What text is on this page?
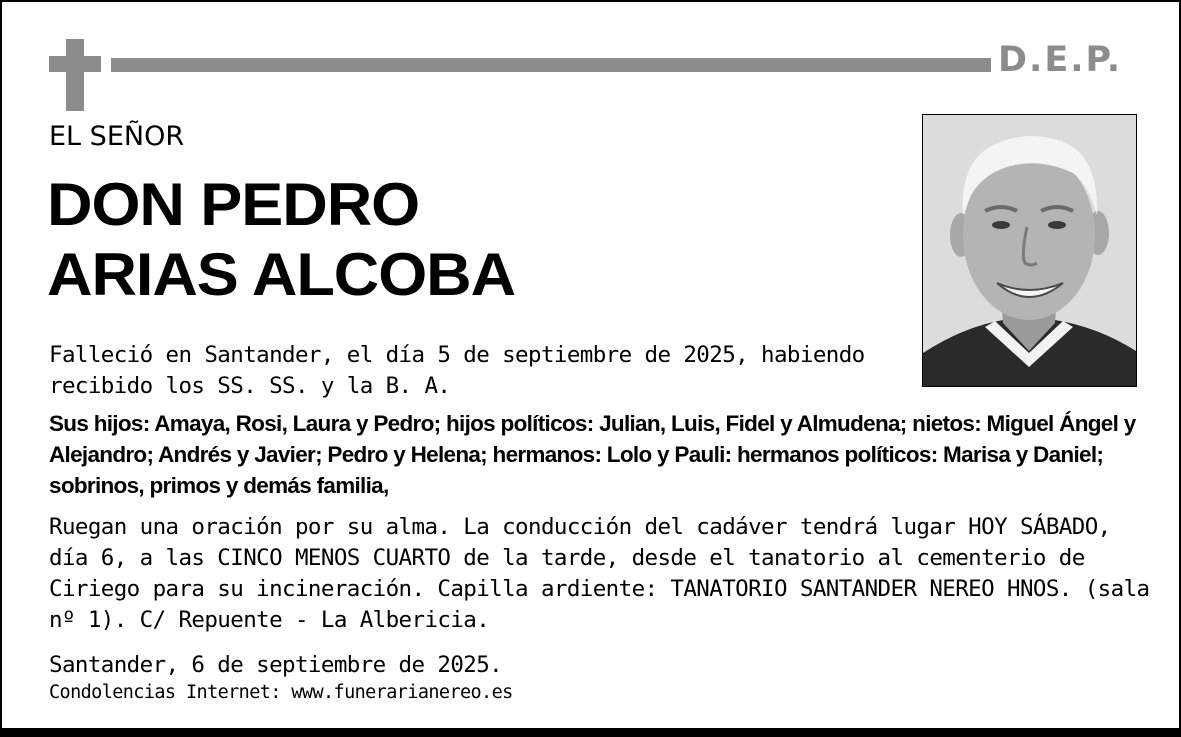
D.E.P.
EL SEÑOR
DON PEDRO
ARIAS ALCOBA
Falleció en Santander, el día 5 de septiembre de 2025, habiendo recibido los SS. SS. y la B. A.
Sus hijos: Amaya, Rosi, Laura y Pedro; hijos políticos: Julian, Luis, Fidel y Almudena; nietos: Miguel Ángel y Alejandro; Andrés y Javier; Pedro y Helena; hermanos: Lolo y Pauli: hermanos políticos: Marisa y Daniel; sobrinos, primos y demás familia,
Ruegan una oración por su alma. La conducción del cadáver tendrá lugar HOY SÁBADO, día 6, a las CINCO MENOS CUARTO de la tarde, desde el tanatorio al cementerio de Ciriego para su incineración. Capilla ardiente: TANATORIO SANTANDER NEREO HNOS. (sala nº 1). C/ Repuente - La Albericia.
Santander, 6 de septiembre de 2025.
Condolencias Internet: www.funerarianereo.es
